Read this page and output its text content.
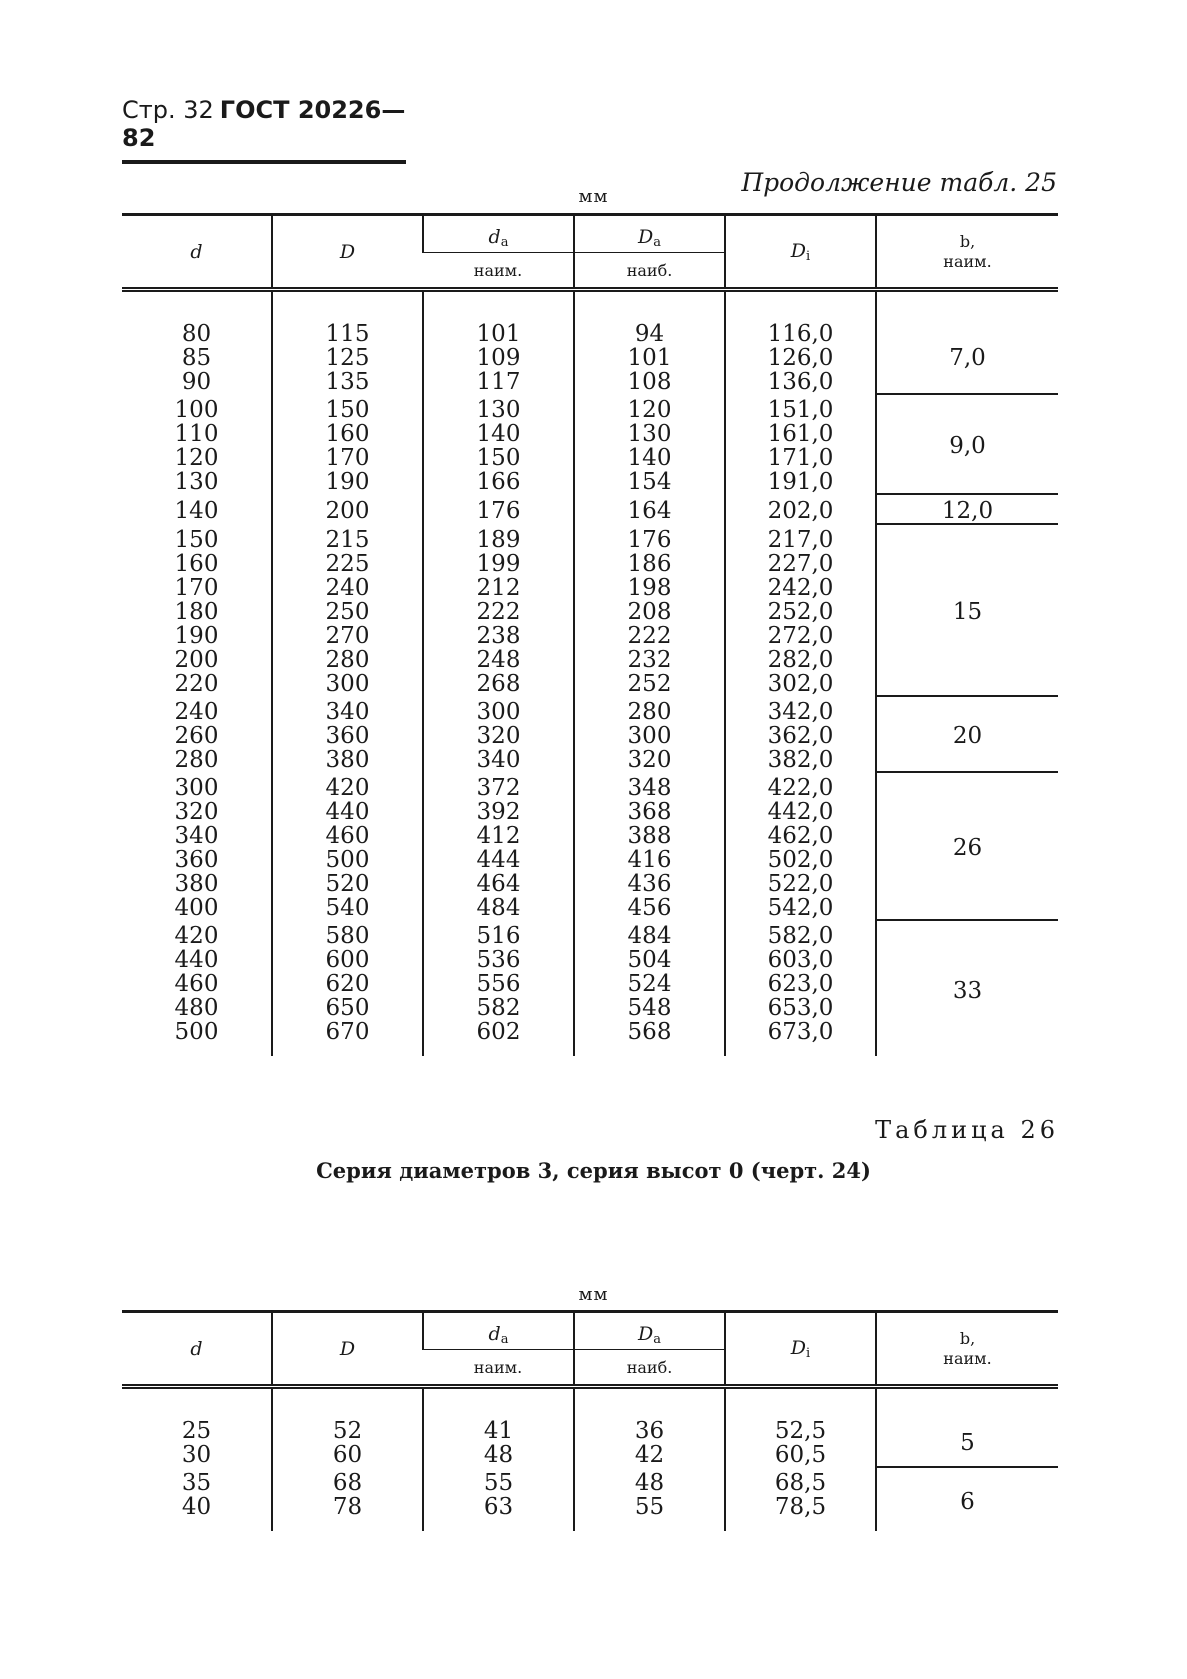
Стр. 32 ГОСТ 20226—82
Продолжение табл. 25
мм
d	D	$d_a$	$D_a$	$D_i$	b,
наим.

		наим.	наиб.		
80	115	101	94	116,0	7,0
85	125	109	101	126,0	
90	135	117	108	136,0	
100	150	130	120	151,0	9,0
110	160	140	130	161,0	
120	170	150	140	171,0	
130	190	166	154	191,0	
140	200	176	164	202,0	12,0
150	215	189	176	217,0	15
160	225	199	186	227,0	
170	240	212	198	242,0	
180	250	222	208	252,0	
190	270	238	222	272,0	
200	280	248	232	282,0	
220	300	268	252	302,0	
240	340	300	280	342,0	20
260	360	320	300	362,0	
280	380	340	320	382,0	
300	420	372	348	422,0	26
320	440	392	368	442,0	
340	460	412	388	462,0	
360	500	444	416	502,0	
380	520	464	436	522,0	
400	540	484	456	542,0	
420	580	516	484	582,0	33
440	600	536	504	603,0	
460	620	556	524	623,0	
480	650	582	548	653,0	
500	670	602	568	673,0	
Таблица 26
Серия диаметров 3, серия высот 0 (черт. 24)
мм
d	D	$d_a$	$D_a$	$D_i$	b,
наим.

		наим.	наиб.		
25	52	41	36	52,5	5
30	60	48	42	60,5	
35	68	55	48	68,5	6
40	78	63	55	78,5	
